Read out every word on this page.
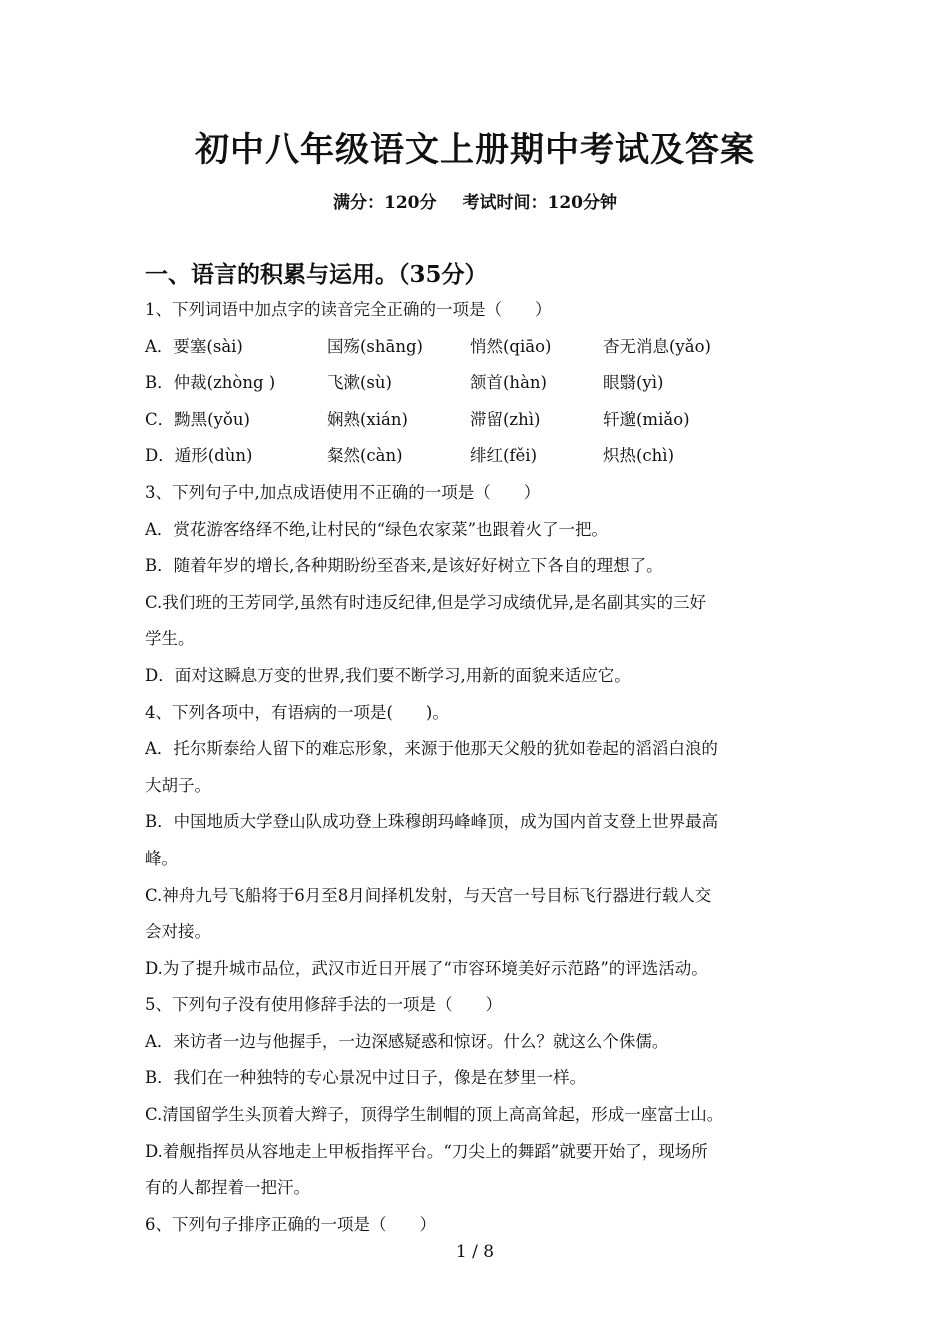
初中八年级语文上册期中考试及答案
满分：120分 考试时间：120分钟
一、语言的积累与运用。（35分）
1、下列词语中加点字的读音完全正确的一项是（　　）
A．要塞(sài)	国殇(shāng)	悄然(qiāo)	杳无消息(yǎo)
B．仲裁(zhòng )	飞漱(sù)	颔首(hàn)	眼翳(yì)
C．黝黑(yǒu)	娴熟(xián)	滞留(zhì)	轩邈(miǎo)
D．遁形(dùn)	粲然(càn)	绯红(fěi)	炽热(chì)
3、下列句子中,加点成语使用不正确的一项是（　　）
A．赏花游客络绎不绝,让村民的“绿色农家菜”也跟着火了一把。
B．随着年岁的增长,各种期盼纷至沓来,是该好好树立下各自的理想了。
C.我们班的王芳同学,虽然有时违反纪律,但是学习成绩优异,是名副其实的三好
学生。
D．面对这瞬息万变的世界,我们要不断学习,用新的面貌来适应它。
4、下列各项中，有语病的一项是(　　)。
A．托尔斯泰给人留下的难忘形象，来源于他那天父般的犹如卷起的滔滔白浪的
大胡子。
B．中国地质大学登山队成功登上珠穆朗玛峰峰顶，成为国内首支登上世界最高
峰。
C.神舟九号飞船将于6月至8月间择机发射，与天宫一号目标飞行器进行载人交
会对接。
D.为了提升城市品位，武汉市近日开展了“市容环境美好示范路”的评选活动。
5、下列句子没有使用修辞手法的一项是（　　）
A．来访者一边与他握手，一边深感疑惑和惊讶。什么？就这么个侏儒。
B．我们在一种独特的专心景况中过日子，像是在梦里一样。
C.清国留学生头顶着大辫子，顶得学生制帽的顶上高高耸起，形成一座富士山。
D.着舰指挥员从容地走上甲板指挥平台。“刀尖上的舞蹈”就要开始了，现场所
有的人都捏着一把汗。
6、下列句子排序正确的一项是（　　）
1 / 8
